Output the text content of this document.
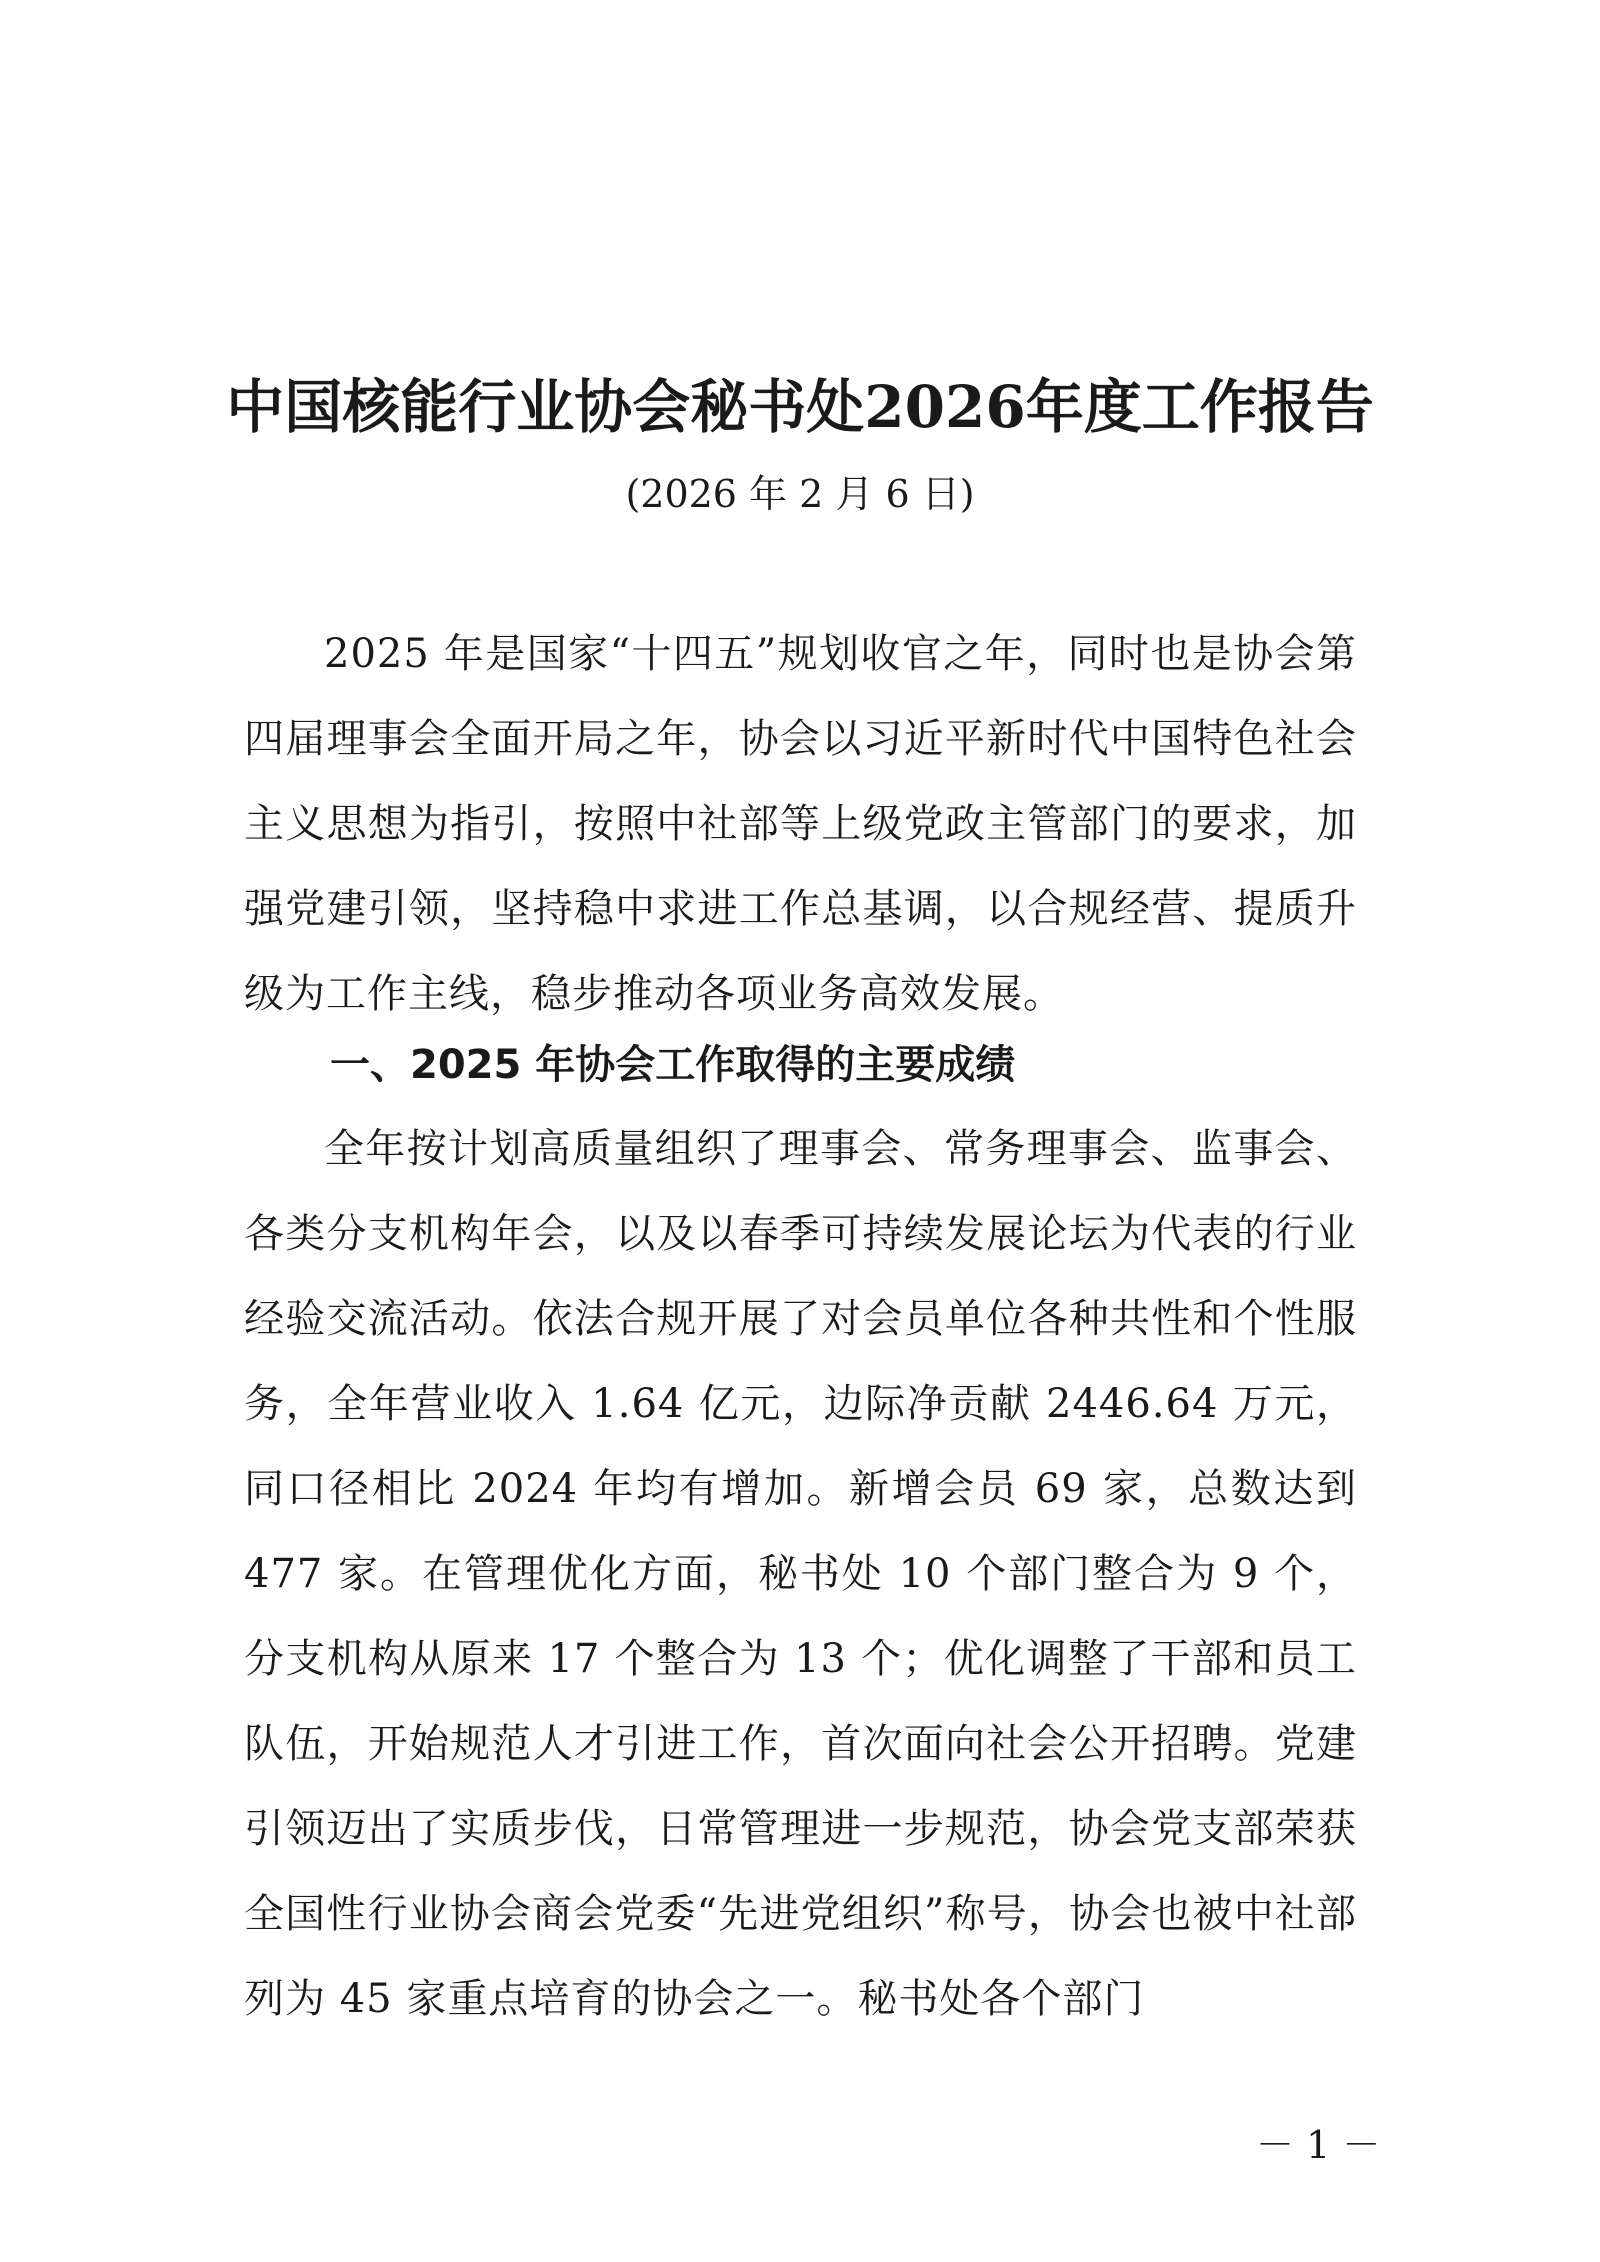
中国核能行业协会秘书处2026年度工作报告
(2026 年 2 月 6 日)
2025 年是国家“十四五”规划收官之年，同时也是协会第四届理事会全面开局之年，协会以习近平新时代中国特色社会主义思想为指引，按照中社部等上级党政主管部门的要求，加强党建引领，坚持稳中求进工作总基调，以合规经营、提质升级为工作主线，稳步推动各项业务高效发展。
一、2025 年协会工作取得的主要成绩
全年按计划高质量组织了理事会、常务理事会、监事会、各类分支机构年会，以及以春季可持续发展论坛为代表的行业经验交流活动。依法合规开展了对会员单位各种共性和个性服务，全年营业收入 1.64 亿元，边际净贡献 2446.64 万元，同口径相比 2024 年均有增加。新增会员 69 家，总数达到 477 家。在管理优化方面，秘书处 10 个部门整合为 9 个，分支机构从原来 17 个整合为 13 个；优化调整了干部和员工队伍，开始规范人才引进工作，首次面向社会公开招聘。党建引领迈出了实质步伐，日常管理进一步规范，协会党支部荣获全国性行业协会商会党委“先进党组织”称号，协会也被中社部列为 45 家重点培育的协会之一。秘书处各个部门
－ 1 －
